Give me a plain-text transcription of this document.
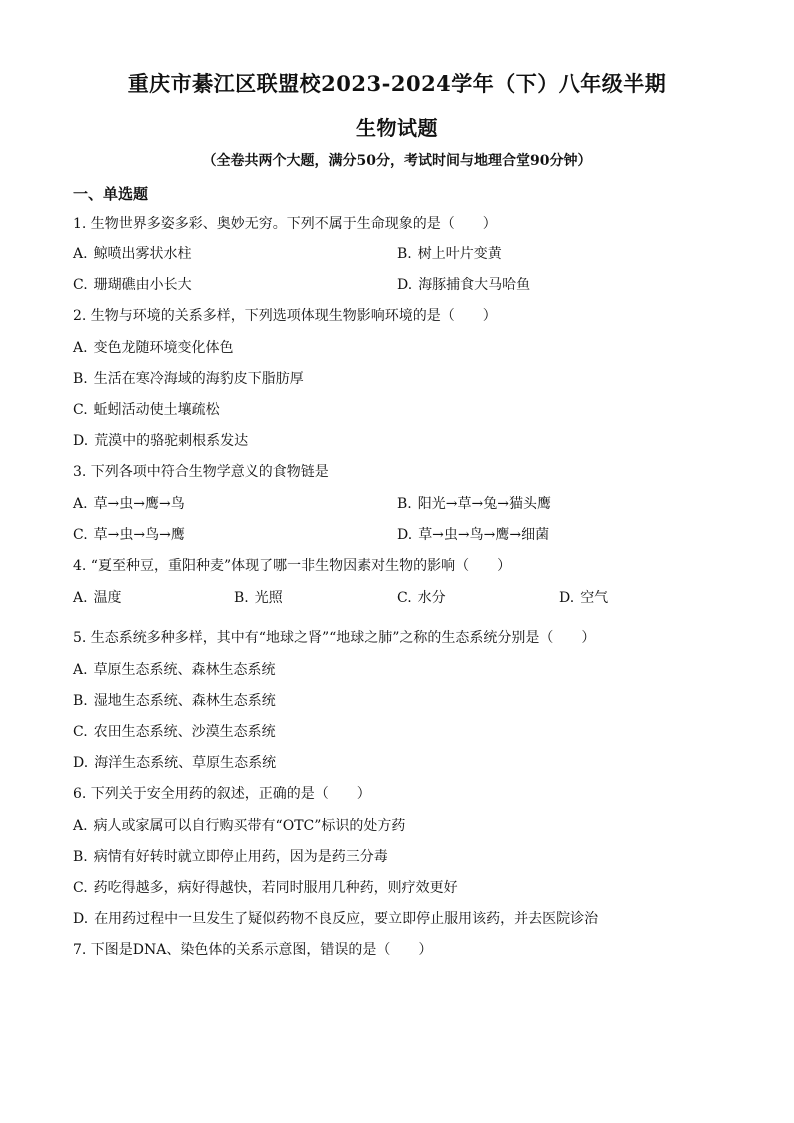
重庆市綦江区联盟校2023-2024学年（下）八年级半期
生物试题
（全卷共两个大题，满分50分，考试时间与地理合堂90分钟）
一、单选题
1. 生物世界多姿多彩、奥妙无穷。下列不属于生命现象的是（　　）
A. 鲸喷出雾状水柱	B. 树上叶片变黄
C. 珊瑚礁由小长大	D. 海豚捕食大马哈鱼
2. 生物与环境的关系多样，下列选项体现生物影响环境的是（　　）
A. 变色龙随环境变化体色
B. 生活在寒冷海域的海豹皮下脂肪厚
C. 蚯蚓活动使土壤疏松
D. 荒漠中的骆驼刺根系发达
3. 下列各项中符合生物学意义的食物链是
A. 草→虫→鹰→鸟	B. 阳光→草→兔→猫头鹰
C. 草→虫→鸟→鹰	D. 草→虫→鸟→鹰→细菌
4. “夏至种豆，重阳种麦”体现了哪一非生物因素对生物的影响（　　）
A. 温度	B. 光照	C. 水分	D. 空气
5. 生态系统多种多样，其中有“地球之肾”“地球之肺”之称的生态系统分别是（　　）
A. 草原生态系统、森林生态系统
B. 湿地生态系统、森林生态系统
C. 农田生态系统、沙漠生态系统
D. 海洋生态系统、草原生态系统
6. 下列关于安全用药的叙述，正确的是（　　）
A. 病人或家属可以自行购买带有“OTC”标识的处方药
B. 病情有好转时就立即停止用药，因为是药三分毒
C. 药吃得越多，病好得越快，若同时服用几种药，则疗效更好
D. 在用药过程中一旦发生了疑似药物不良反应，要立即停止服用该药，并去医院诊治
7. 下图是DNA、染色体的关系示意图，错误的是（　　）
